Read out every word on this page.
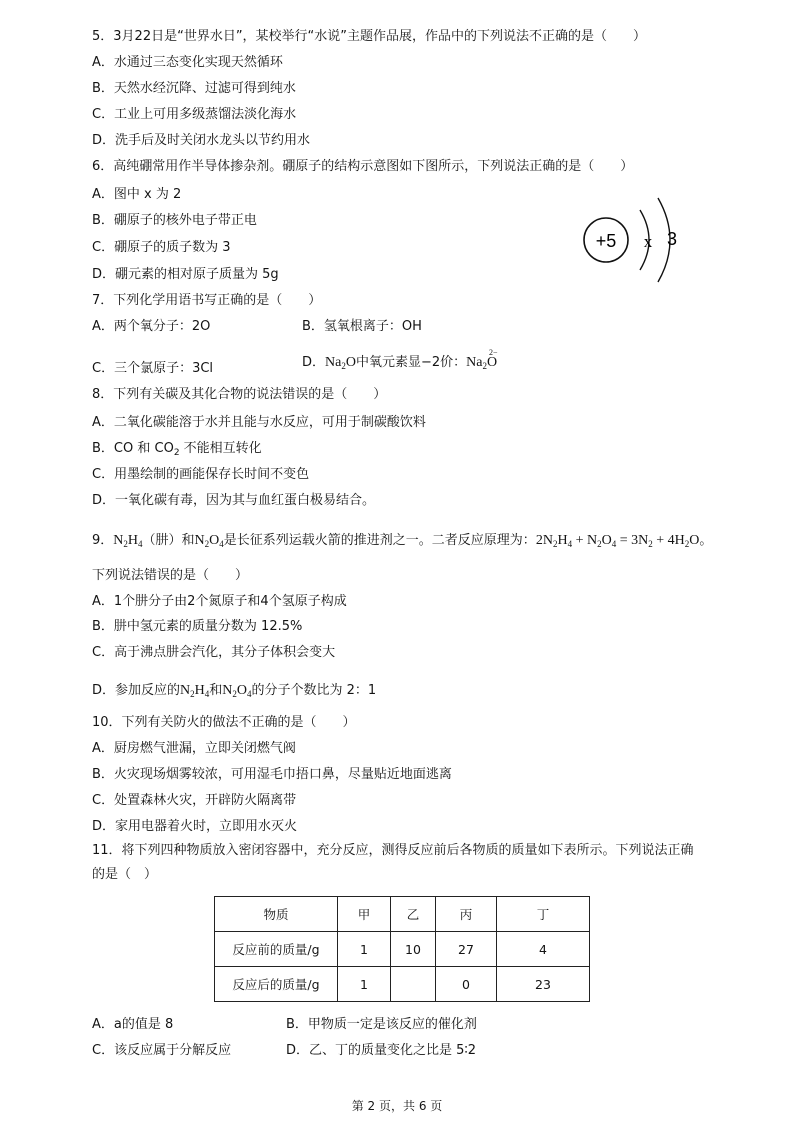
5．3月22日是“世界水日”，某校举行“水说”主题作品展，作品中的下列说法不正确的是（　　）
A．水通过三态变化实现天然循环
B．天然水经沉降、过滤可得到纯水
C．工业上可用多级蒸馏法淡化海水
D．洗手后及时关闭水龙头以节约用水
6．高纯硼常用作半导体掺杂剂。硼原子的结构示意图如下图所示，下列说法正确的是（　　）
A．图中 x 为 2
B．硼原子的核外电子带正电
C．硼原子的质子数为 3
D．硼元素的相对原子质量为 5g
+5 x 3
7．下列化学用语书写正确的是（　　）
A．两个氧分子：2O	B．氢氧根离子：OH
C．三个氯原子：3Cl	D．$Na_2O$中氧元素显−2价：$Na_2O$
2−
8．下列有关碳及其化合物的说法错误的是（　　）
A．二氧化碳能溶于水并且能与水反应，可用于制碳酸饮料
B．CO 和 $CO_2$ 不能相互转化
C．用墨绘制的画能保存长时间不变色
D．一氧化碳有毒，因为其与血红蛋白极易结合。
9．$N_2H_4$（肼）和$N_2O_4$是长征系列运载火箭的推进剂之一。二者反应原理为：$2N_2H_4 + N_2O_4 = 3N_2 + 4H_2O$。
下列说法错误的是（　　）
A．1个肼分子由2个氮原子和4个氢原子构成
B．肼中氢元素的质量分数为 12.5%
C．高于沸点肼会汽化，其分子体积会变大
D．参加反应的$N_2H_4$和$N_2O_4$的分子个数比为 2：1
10．下列有关防火的做法不正确的是（　　）
A．厨房燃气泄漏，立即关闭燃气阀
B．火灾现场烟雾较浓，可用湿毛巾捂口鼻，尽量贴近地面逃离
C．处置森林火灾，开辟防火隔离带
D．家用电器着火时，立即用水灭火
11．将下列四种物质放入密闭容器中，充分反应，测得反应前后各物质的质量如下表所示。下列说法正确
的是（　）
物质	甲	乙	丙	丁
反应前的质量/g	1	10	27	4
反应后的质量/g	1		0	23
A．a的值是 8	B．甲物质一定是该反应的催化剂
C．该反应属于分解反应	D．乙、丁的质量变化之比是 5∶2
第 2 页，共 6 页
